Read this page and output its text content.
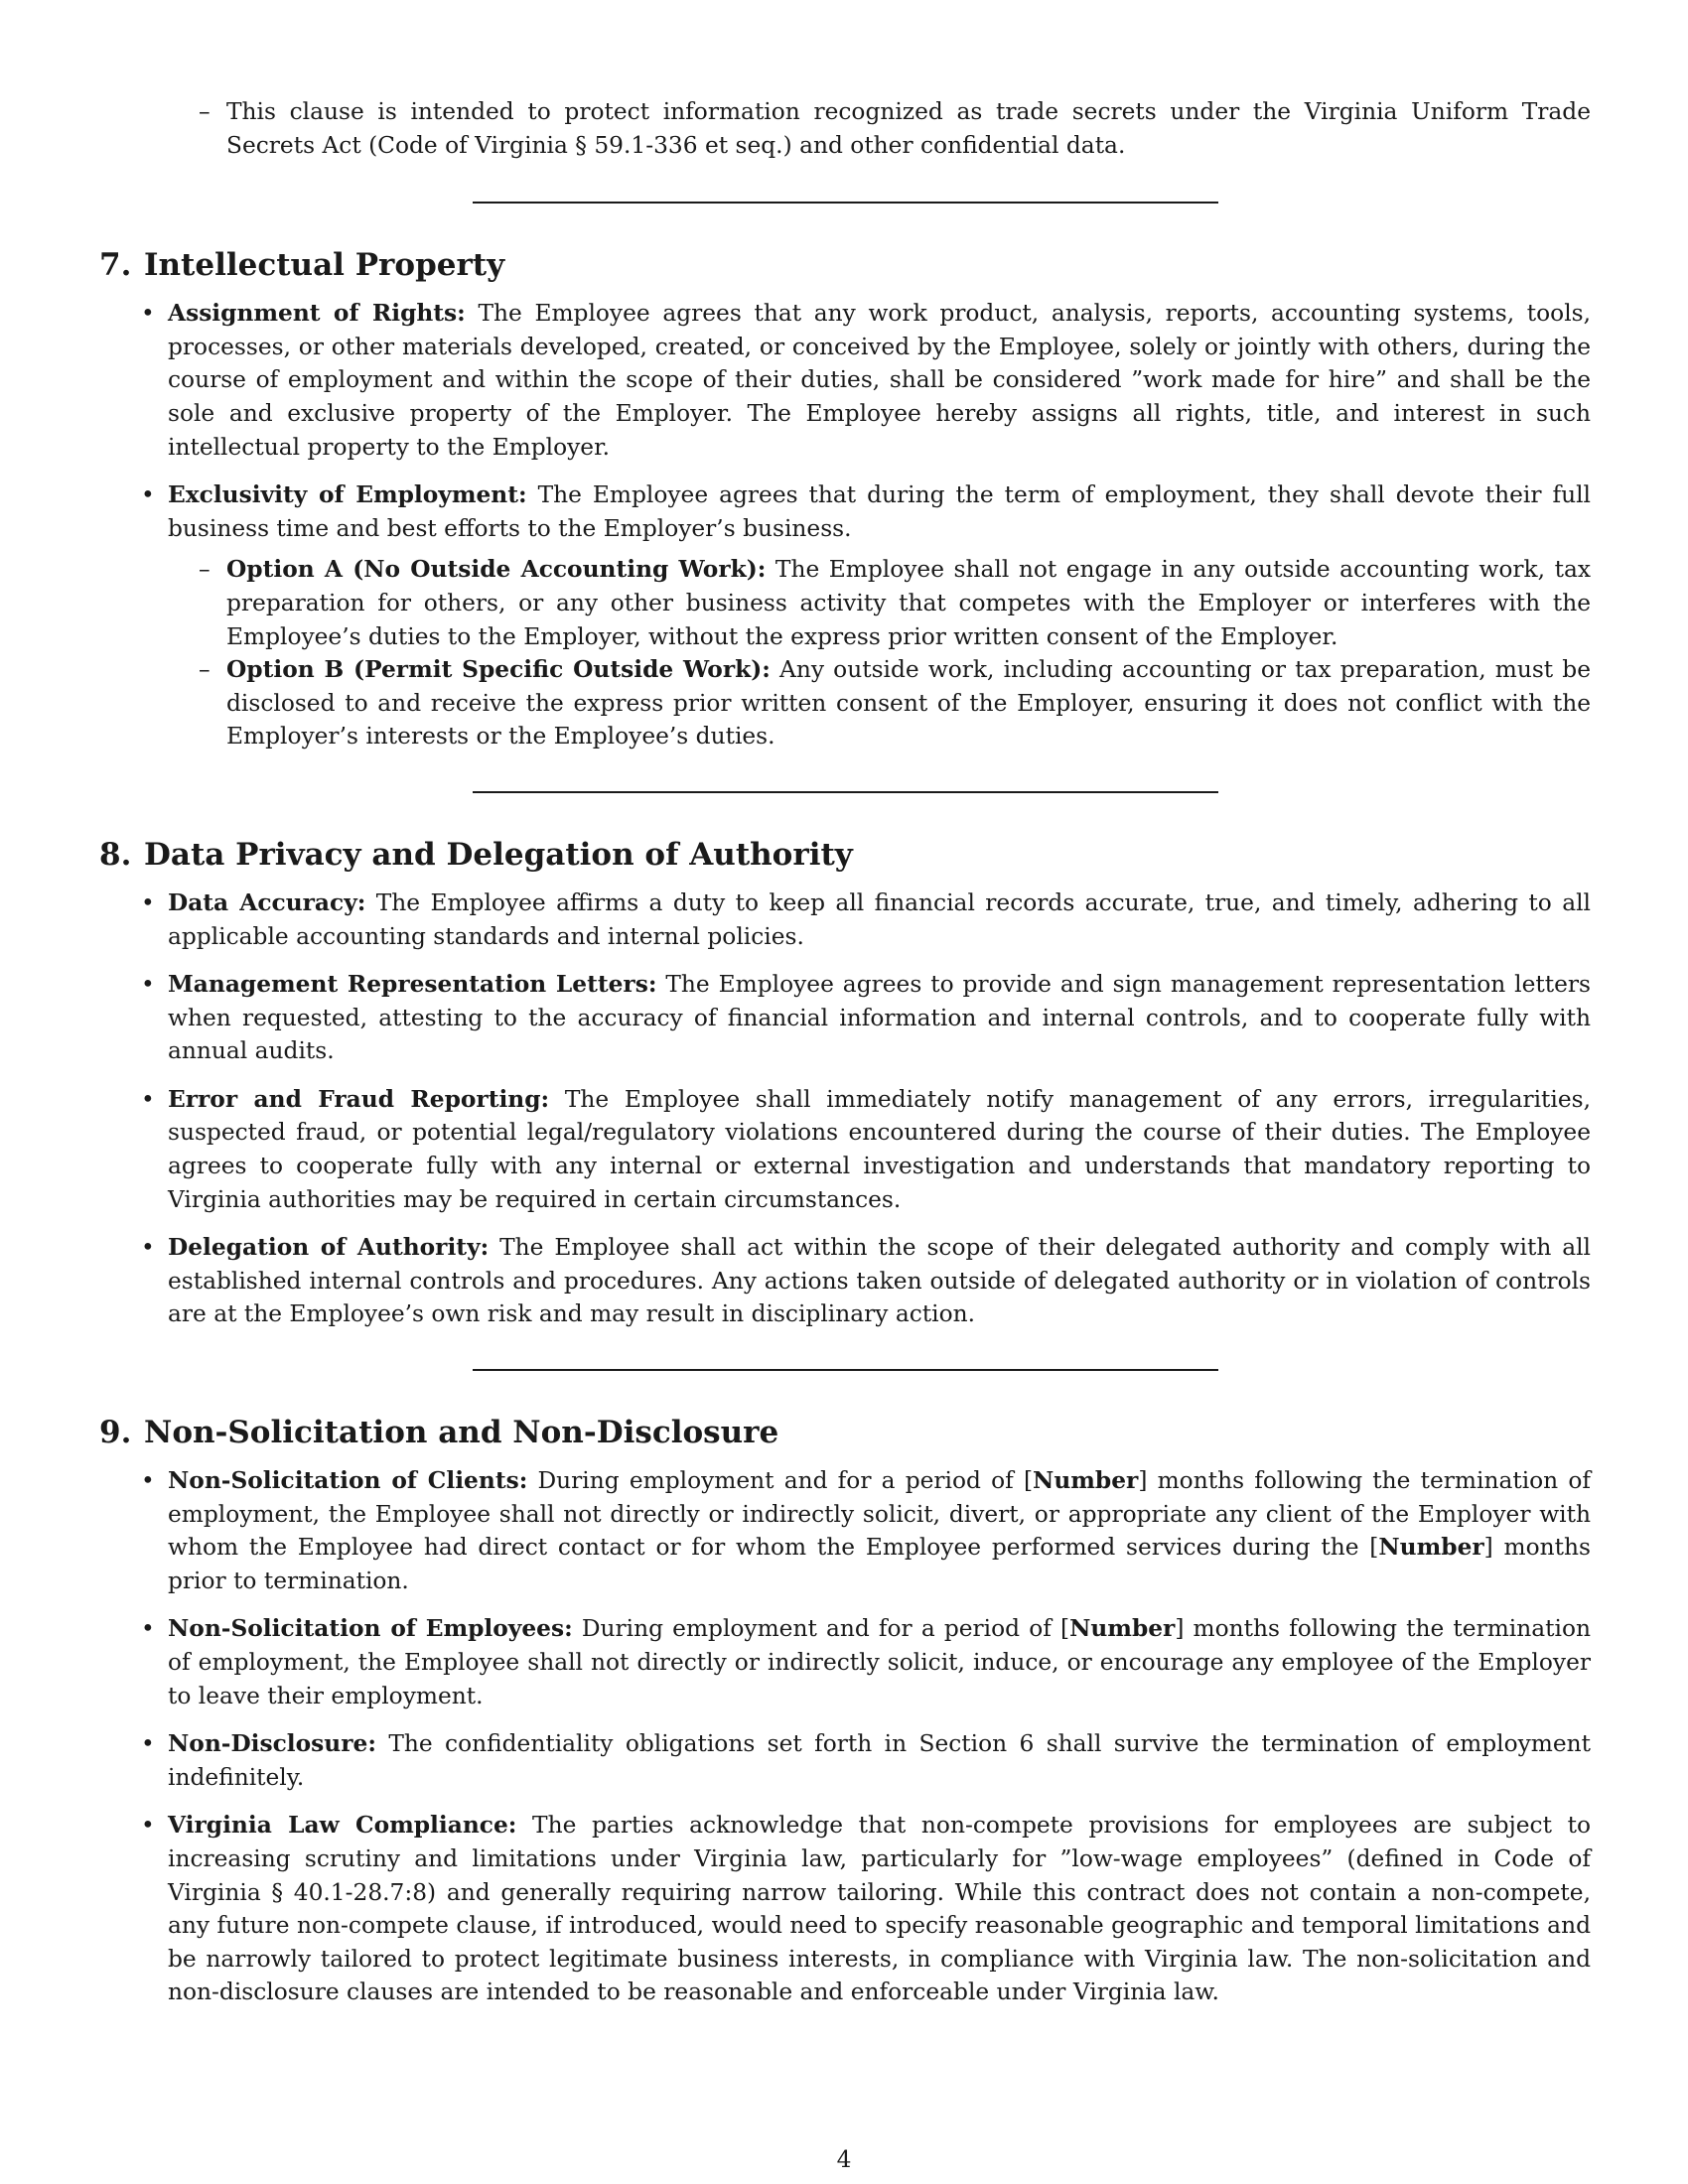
– This clause is intended to protect information recognized as trade secrets under the Virginia Uniform Trade Secrets Act (Code of Virginia § 59.1-336 et seq.) and other confidential data.

7. Intellectual Property

• Assignment of Rights: The Employee agrees that any work product, analysis, reports, accounting systems, tools, processes, or other materials developed, created, or conceived by the Employee, solely or jointly with others, during the course of employment and within the scope of their duties, shall be considered ”work made for hire” and shall be the sole and exclusive property of the Employer. The Employee hereby assigns all rights, title, and interest in such intellectual property to the Employer.

• Exclusivity of Employment: The Employee agrees that during the term of employment, they shall devote their full business time and best efforts to the Employer’s business.

– Option A (No Outside Accounting Work): The Employee shall not engage in any outside accounting work, tax preparation for others, or any other business activity that competes with the Employer or interferes with the Employee’s duties to the Employer, without the express prior written consent of the Employer.

– Option B (Permit Specific Outside Work): Any outside work, including accounting or tax preparation, must be disclosed to and receive the express prior written consent of the Employer, ensuring it does not conflict with the Employer’s interests or the Employee’s duties.

8. Data Privacy and Delegation of Authority

• Data Accuracy: The Employee affirms a duty to keep all financial records accurate, true, and timely, adhering to all applicable accounting standards and internal policies.

• Management Representation Letters: The Employee agrees to provide and sign management representation letters when requested, attesting to the accuracy of financial information and internal controls, and to cooperate fully with annual audits.

• Error and Fraud Reporting: The Employee shall immediately notify management of any errors, irregularities, suspected fraud, or potential legal/regulatory violations encountered during the course of their duties. The Employee agrees to cooperate fully with any internal or external investigation and understands that mandatory reporting to Virginia authorities may be required in certain circumstances.

• Delegation of Authority: The Employee shall act within the scope of their delegated authority and comply with all established internal controls and procedures. Any actions taken outside of delegated authority or in violation of controls are at the Employee’s own risk and may result in disciplinary action.

9. Non-Solicitation and Non-Disclosure

• Non-Solicitation of Clients: During employment and for a period of [Number] months following the termination of employment, the Employee shall not directly or indirectly solicit, divert, or appropriate any client of the Employer with whom the Employee had direct contact or for whom the Employee performed services during the [Number] months prior to termination.

• Non-Solicitation of Employees: During employment and for a period of [Number] months following the termination of employment, the Employee shall not directly or indirectly solicit, induce, or encourage any employee of the Employer to leave their employment.

• Non-Disclosure: The confidentiality obligations set forth in Section 6 shall survive the termination of employment indefinitely.

• Virginia Law Compliance: The parties acknowledge that non-compete provisions for employees are subject to increasing scrutiny and limitations under Virginia law, particularly for ”low-wage employees” (defined in Code of Virginia § 40.1-28.7:8) and generally requiring narrow tailoring. While this contract does not contain a non-compete, any future non-compete clause, if introduced, would need to specify reasonable geographic and temporal limitations and be narrowly tailored to protect legitimate business interests, in compliance with Virginia law. The non-solicitation and non-disclosure clauses are intended to be reasonable and enforceable under Virginia law.

4
